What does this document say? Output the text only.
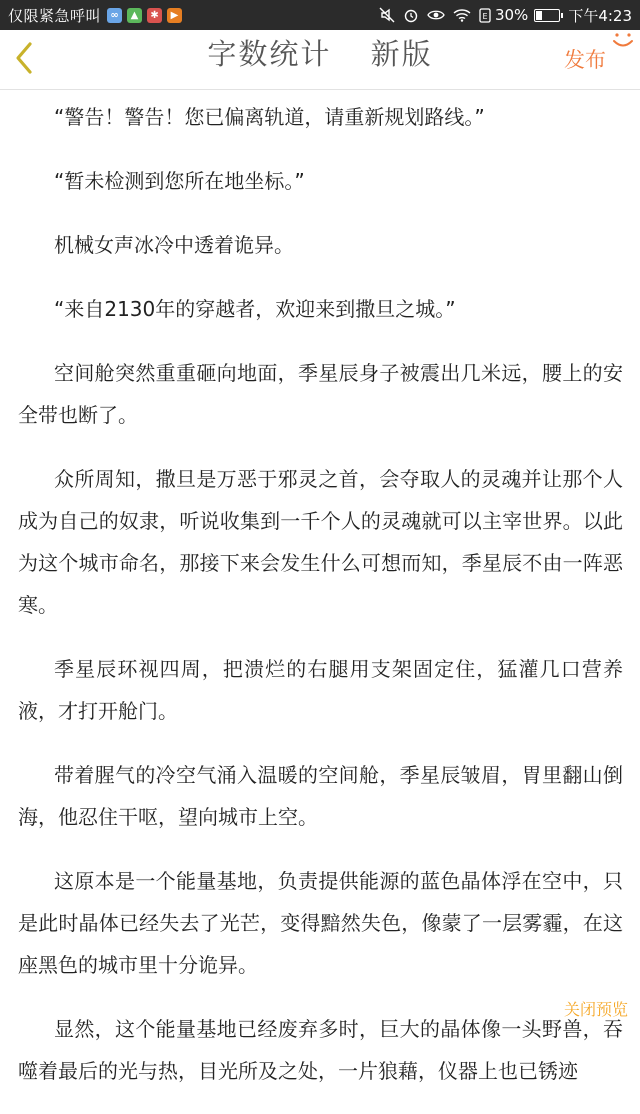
仅限紧急呼叫 ∞	▲	✱	▶	E 30%	下午4:23
字数统计 新版	发布

“警告！警告！您已偏离轨道，请重新规划路线。”

“暂未检测到您所在地坐标。”

机械女声冰冷中透着诡异。

“来自2130年的穿越者，欢迎来到撒旦之城。”

空间舱突然重重砸向地面，季星辰身子被震出几米远，腰上的安全带也断了。

众所周知，撒旦是万恶于邪灵之首，会夺取人的灵魂并让那个人成为自己的奴隶，听说收集到一千个人的灵魂就可以主宰世界。以此为这个城市命名，那接下来会发生什么可想而知，季星辰不由一阵恶寒。

季星辰环视四周，把溃烂的右腿用支架固定住，猛灌几口营养液，才打开舱门。

带着腥气的冷空气涌入温暖的空间舱，季星辰皱眉，胃里翻山倒海，他忍住干呕，望向城市上空。

这原本是一个能量基地，负责提供能源的蓝色晶体浮在空中，只是此时晶体已经失去了光芒，变得黯然失色，像蒙了一层雾霾，在这座黑色的城市里十分诡异。

显然，这个能量基地已经废弃多时，巨大的晶体像一头野兽，吞噬着最后的光与热，目光所及之处，一片狼藉，仪器上也已锈迹

关闭预览
